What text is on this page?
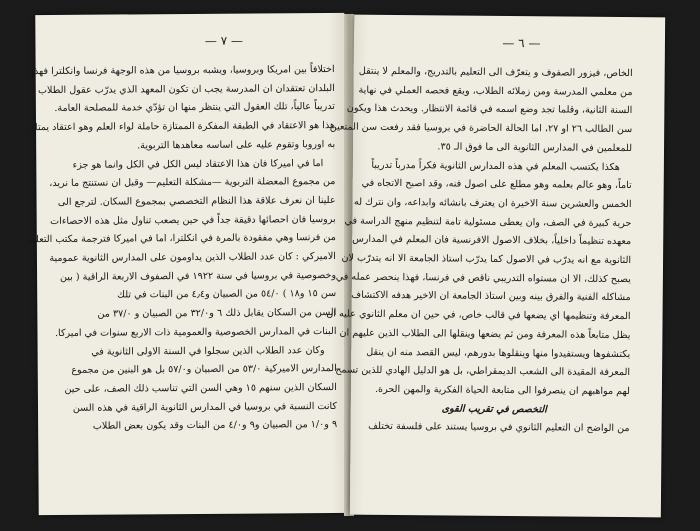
— ٧ —
اختلافاً بين امريكا وبروسيا، ويشبه بروسيا من هذه الوجهة فرنسا وانكلترا فهذه
البلدان تعتقدان ان المدرسة يجب ان تكون المعهد الذي يدرّب عقول الطلاب
تدريباً عالياً، تلك العقول التي ينتظر منها ان تؤدّي خدمة للمصلحة العامة.
هذا هو الاعتقاد في الطبقة المفكرة الممتازة حاملة لواء العلم وهو اعتقاد يمتاز
به اوروبا وتقوم عليه على اساسه معاهدها التربوية.
اما في اميركا فان هذا الاعتقاد ليس الكل في الكل وانما هو جزء
من مجموع المعضلة التربوية —مشكلة التعليم— وقبل ان نستنتج ما نريد،
علينا ان نعرف علاقة هذا النظام التخصصي بمجموع السكان. لترجع الى
بروسيا فان احصائها دقيقة جداً في حين يصعب تناول مثل هذه الاحصاءات
من فرنسا وهي مفقودة بالمرة في انكلترا، اما في اميركا فترجمة مكتب التعليم
الاميركي : كان عدد الطلاب الذين يداومون على المدارس الثانوية عمومية
وخصوصية في بروسيا في سنة ١٩٢٢ في الصفوف الاربعة الراقية ( بين
سن ١٥ و١٨ ) ٥٤/٠ من الصبيان و٤٫٤ من البنات في تلك
السن من السكان يقابل ذلك ٦ و٣٢/٠ من الصبيان و ٣٧/٠ من
البنات في المدارس الخصوصية والعمومية ذات الاربع سنوات في اميركا.
وكان عدد الطلاب الذين سجلوا في السنة الاولى الثانوية في
المدارس الاميركية ٥٣/٠ من الصبيان و٥٧/٠ بل هو البنين من مجموع
السكان الذين سنهم ١٥ وهي السن التي تناسب ذلك الصف، على حين
كانت النسبة في بروسيا في المدارس الثانوية الراقية في هذه السن
٩ و١/٠ من الصبيان و٩ و٤/٠ من البنات وقد يكون بعض الطلاب
— ٦ —
الخاص، فيزور الصفوف و يتعرّف الى التعليم بالتدريج، والمعلم لا ينتقل
من معلمي المدرسة ومن زملائه الطلاب، ويقع فحصه العملي في نهاية
السنة الثانية، وقلما تجد وضع اسمه في قائمة الانتظار. ويحدث هذا ويكون
سن الطالب ٢٦ او ٢٧، اما الحالة الحاضرة في بروسيا فقد رفعت سن المتعين
للمعلمين في المدارس الثانوية الى ما فوق الـ ٣٥.
هكذا يكتسب المعلم في هذه المدارس الثانوية فكراً مدرباً تدريباً
تاماً، وهو عالم بعلمه وهو مطلع على اصول فنه، وقد اصبح الاتجاه في
الخمس والعشرين سنة الاخيرة ان يعترف بانشائه وابداعه، وان نترك له
حرية كبيرة في الصف، وان يعطى مسئولية تامة لتنظيم منهج الدراسة في
معهده تنظيماً داخلياً، بخلاف الاصول الافرنسية فان المعلم في المدارس
الثانوية مع انه يدرّب في الاصول كما يدرّب استاذ الجامعة الا انه يتدرّب لان
يصبح كذلك، الا ان مستواه التدريبي ناقص في فرنسا، فهذا ينحصر عمله في
مشاكله الفنية والفرق بينه وبين استاذ الجامعة ان الاخير هدفه الاكتشاف
المعرفة وتنظيمها اي يضعها في قالب خاص، في حين ان معلم الثانوي عليه ان
يظل متابعاً هذه المعرفة ومن ثم يضعها وينقلها الى الطلاب الذين عليهم ان
يكتشفوها ويستفيدوا منها وينقلوها بدورهم، ليس القصد منه ان ينقل
المعرفة المقيدة الى الشعب الديمقراطي، بل هو الدليل الهادي للذين تسمح
لهم مواهبهم ان ينصرفوا الى متابعة الحياة الفكرية والمهن الحرة.
التخصص في تقريب القوى
من الواضح ان التعليم الثانوي في بروسيا يستند على فلسفة تختلف
